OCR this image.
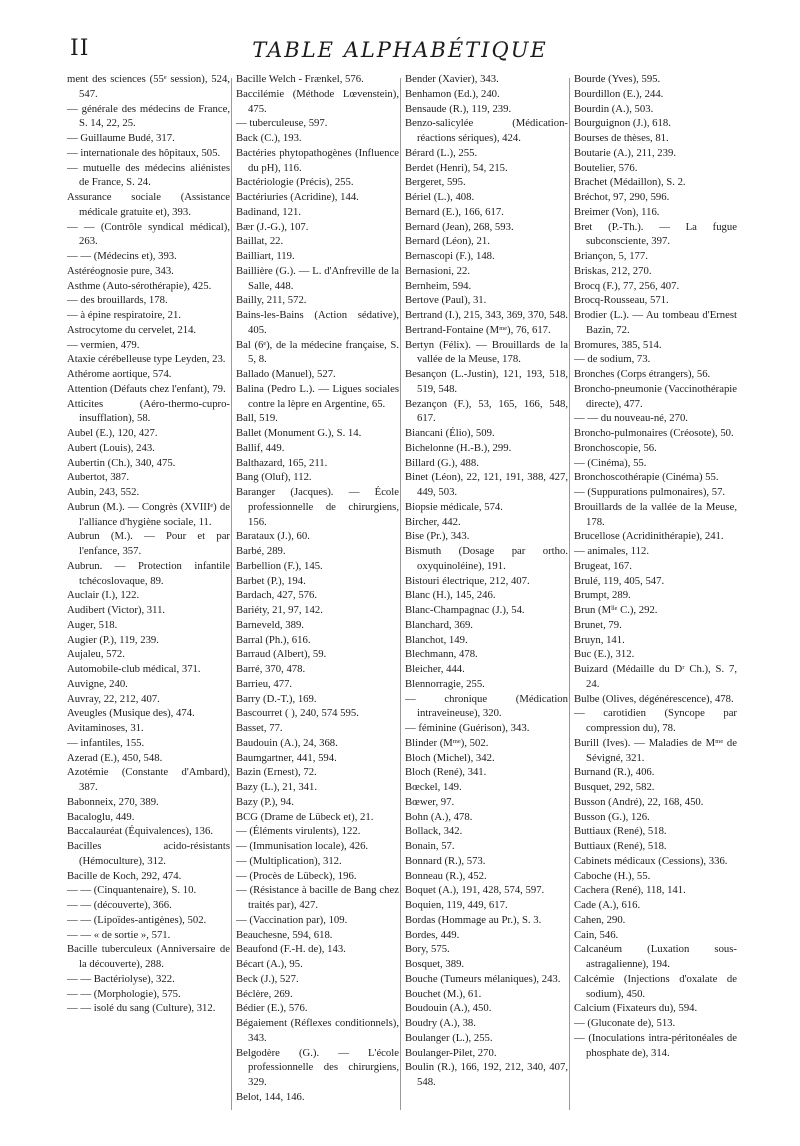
II	TABLE ALPHABÉTIQUE
ment des sciences (55ᵉ session), 524, 547.
— générale des médecins de France, S. 14, 22, 25.
— Guillaume Budé, 317.
— internationale des hôpitaux, 505.
— mutuelle des médecins aliénistes de France, S. 24.
Assurance sociale (Assistance médicale gratuite et), 393.
— — (Contrôle syndical médical), 263.
— — (Médecins et), 393.
Astéréognosie pure, 343.
Asthme (Auto-sérothérapie), 425.
— des brouillards, 178.
— à épine respiratoire, 21.
Astrocytome du cervelet, 214.
— vermien, 479.
Ataxie cérébelleuse type Leyden, 23.
Athérome aortique, 574.
Attention (Défauts chez l'enfant), 79.
Atticites (Aéro-thermo-cupro-insufflation), 58.
Aubel (E.), 120, 427.
Aubert (Louis), 243.
Aubertin (Ch.), 340, 475.
Aubertot, 387.
Aubin, 243, 552.
Aubrun (M.). — Congrès (XVIIIᵉ) de l'alliance d'hygiène sociale, 11.
Aubrun (M.). — Pour et par l'enfance, 357.
Aubrun. — Protection infantile tchécoslovaque, 89.
Auclair (I.), 122.
Audibert (Victor), 311.
Auger, 518.
Augier (P.), 119, 239.
Aujaleu, 572.
Automobile-club médical, 371.
Auvigne, 240.
Auvray, 22, 212, 407.
Aveugles (Musique des), 474.
Avitaminoses, 31.
— infantiles, 155.
Azerad (E.), 450, 548.
Azotémie (Constante d'Ambard), 387.
Babonneix, 270, 389.
Bacaloglu, 449.
Baccalauréat (Équivalences), 136.
Bacilles acido-résistants (Hémoculture), 312.
Bacille de Koch, 292, 474.
— — (Cinquantenaire), S. 10.
— — (découverte), 366.
— — (Lipoïdes-antigènes), 502.
— — « de sortie », 571.
Bacille tuberculeux (Anniversaire de la découverte), 288.
— — Bactériolyse), 322.
— — (Morphologie), 575.
— — isolé du sang (Culture), 312.
Bacille Welch - Frænkel, 576.
Baccilémie (Méthode Lœvenstein), 475.
— tuberculeuse, 597.
Back (C.), 193.
Bactéries phytopathogènes (Influence du pH), 116.
Bactériologie (Précis), 255.
Bactériuries (Acridine), 144.
Badinand, 121.
Bær (J.-G.), 107.
Baillat, 22.
Bailliart, 119.
Baillière (G.). — L. d'Anfreville de la Salle, 448.
Bailly, 211, 572.
Bains-les-Bains (Action sédative), 405.
Bal (6ᵉ), de la médecine française, S. 5, 8.
Ballado (Manuel), 527.
Balina (Pedro L.). — Ligues sociales contre la lèpre en Argentine, 65.
Ball, 519.
Ballet (Monument G.), S. 14.
Ballif, 449.
Balthazard, 165, 211.
Bang (Oluf), 112.
Baranger (Jacques). — École professionnelle de chirurgiens, 156.
Barataux (J.), 60.
Barbé, 289.
Barbellion (F.), 145.
Barbet (P.), 194.
Bardach, 427, 576.
Bariéty, 21, 97, 142.
Barneveld, 389.
Barral (Ph.), 616.
Barraud (Albert), 59.
Barré, 370, 478.
Barrieu, 477.
Barry (D.-T.), 169.
Bascourret ( ), 240, 574 595.
Basset, 77.
Baudouin (A.), 24, 368.
Baumgartner, 441, 594.
Bazin (Ernest), 72.
Bazy (L.), 21, 341.
Bazy (P.), 94.
BCG (Drame de Lübeck et), 21.
— (Éléments virulents), 122.
— (Immunisation locale), 426.
— (Multiplication), 312.
— (Procès de Lübeck), 196.
— (Résistance à bacille de Bang chez traités par), 427.
— (Vaccination par), 109.
Beauchesne, 594, 618.
Beaufond (F.-H. de), 143.
Bécart (A.), 95.
Beck (J.), 527.
Béclère, 269.
Bédier (E.), 576.
Bégaiement (Réflexes conditionnels), 343.
Belgodère (G.). — L'école professionnelle des chirurgiens, 329.
Belot, 144, 146.
Bender (Xavier), 343.
Benhamon (Ed.), 240.
Bensaude (R.), 119, 239.
Benzo-salicylée (Médication-réactions sériques), 424.
Bérard (L.), 255.
Berdet (Henri), 54, 215.
Bergeret, 595.
Bériel (L.), 408.
Bernard (E.), 166, 617.
Bernard (Jean), 268, 593.
Bernard (Léon), 21.
Bernascopi (F.), 148.
Bernasioni, 22.
Bernheim, 594.
Bertove (Paul), 31.
Bertrand (I.), 215, 343, 369, 370, 548.
Bertrand-Fontaine (Mᵐᵉ), 76, 617.
Bertyn (Félix). — Brouillards de la vallée de la Meuse, 178.
Besançon (L.-Justin), 121, 193, 518, 519, 548.
Bezançon (F.), 53, 165, 166, 548, 617.
Biancani (Élio), 509.
Bichelonne (H.-B.), 299.
Billard (G.), 488.
Binet (Léon), 22, 121, 191, 388, 427, 449, 503.
Biopsie médicale, 574.
Bircher, 442.
Bise (Pr.), 343.
Bismuth (Dosage par ortho. oxyquinoléine), 191.
Bistouri électrique, 212, 407.
Blanc (H.), 145, 246.
Blanc-Champagnac (J.), 54.
Blanchard, 369.
Blanchot, 149.
Blechmann, 478.
Bleicher, 444.
Blennorragie, 255.
— chronique (Médication intraveineuse), 320.
— féminine (Guérison), 343.
Blinder (Mᵐᵉ), 502.
Bloch (Michel), 342.
Bloch (René), 341.
Bœckel, 149.
Bœwer, 97.
Bohn (A.), 478.
Bollack, 342.
Bonain, 57.
Bonnard (R.), 573.
Bonneau (R.), 452.
Boquet (A.), 191, 428, 574, 597.
Boquien, 119, 449, 617.
Bordas (Hommage au Pr.), S. 3.
Bordes, 449.
Bory, 575.
Bosquet, 389.
Bouche (Tumeurs mélaniques), 243.
Bouchet (M.), 61.
Boudouin (A.), 450.
Boudry (A.), 38.
Boulanger (L.), 255.
Boulanger-Pilet, 270.
Boulin (R.), 166, 192, 212, 340, 407, 548.
Bourde (Yves), 595.
Bourdillon (E.), 244.
Bourdin (A.), 503.
Bourguignon (J.), 618.
Bourses de thèses, 81.
Boutarie (A.), 211, 239.
Boutelier, 576.
Brachet (Médaillon), S. 2.
Bréchot, 97, 290, 596.
Breimer (Von), 116.
Bret (P.-Th.). — La fugue subconsciente, 397.
Briançon, 5, 177.
Briskas, 212, 270.
Brocq (F.), 77, 256, 407.
Brocq-Rousseau, 571.
Brodier (L.). — Au tombeau d'Ernest Bazin, 72.
Bromures, 385, 514.
— de sodium, 73.
Bronches (Corps étrangers), 56.
Broncho-pneumonie (Vaccinothérapie directe), 477.
— — du nouveau-né, 270.
Broncho-pulmonaires (Créosote), 50.
Bronchoscopie, 56.
— (Cinéma), 55.
Bronchoscothérapie (Cinéma) 55.
— (Suppurations pulmonaires), 57.
Brouillards de la vallée de la Meuse, 178.
Brucellose (Acridinithérapie), 241.
— animales, 112.
Brugeat, 167.
Brulé, 119, 405, 547.
Brumpt, 289.
Brun (Mˡˡᵉ C.), 292.
Brunet, 79.
Bruyn, 141.
Buc (E.), 312.
Buizard (Médaille du Dʳ Ch.), S. 7, 24.
Bulbe (Olives, dégénérescence), 478.
— carotidien (Syncope par compression du), 78.
Burill (Ives). — Maladies de Mᵐᵉ de Sévigné, 321.
Burnand (R.), 406.
Busquet, 292, 582.
Busson (André), 22, 168, 450.
Busson (G.), 126.
Buttiaux (René), 518.
Buttiaux (René), 518.
Cabinets médicaux (Cessions), 336.
Caboche (H.), 55.
Cachera (René), 118, 141.
Cade (A.), 616.
Cahen, 290.
Cain, 546.
Calcanéum (Luxation sous-astragalienne), 194.
Calcémie (Injections d'oxalate de sodium), 450.
Calcium (Fixateurs du), 594.
— (Gluconate de), 513.
— (Inoculations intra-péritonéales de phosphate de), 314.
